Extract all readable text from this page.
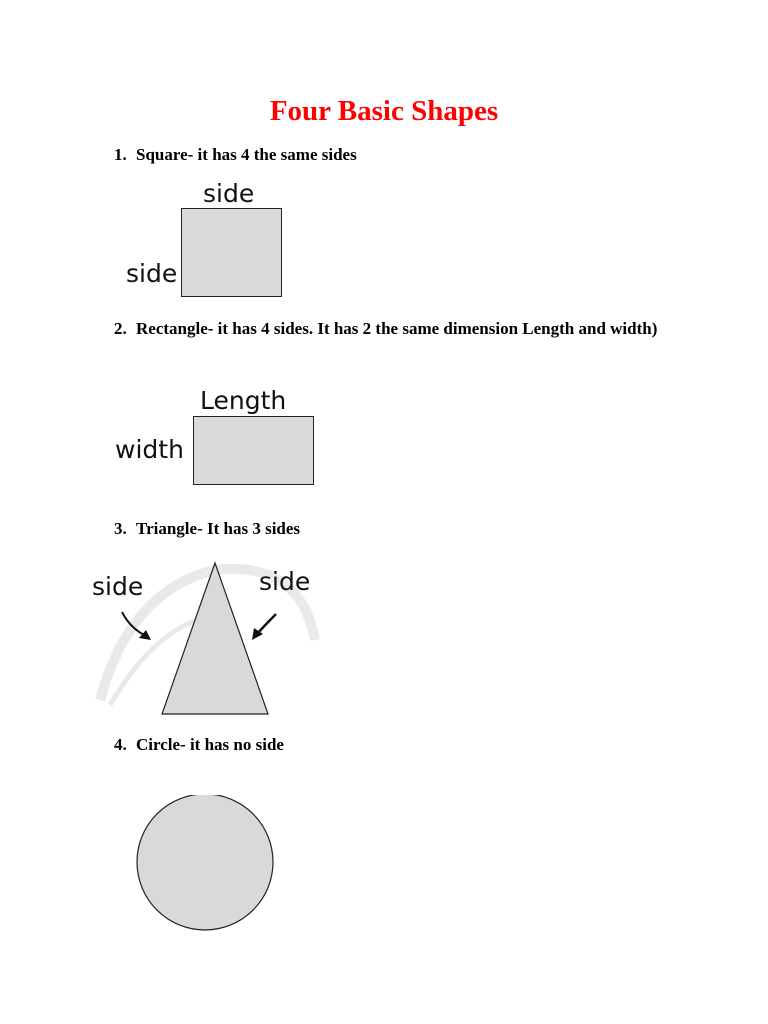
Four Basic Shapes
1. Square- it has 4 the same sides
side
side
2. Rectangle- it has 4 sides. It has 2 the same dimension Length and width)
Length
width
3. Triangle- It has 3 sides
side	side
4. Circle- it has no side
